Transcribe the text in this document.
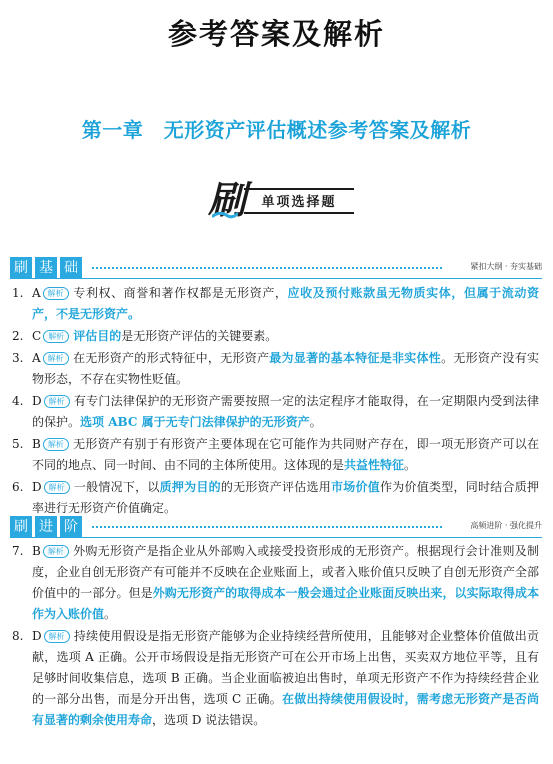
参考答案及解析
第一章　无形资产评估概述参考答案及解析
刷	单项选择题
刷 基 础	紧扣大纲 · 夯实基础
1. A 解析 专利权、商誉和著作权都是无形资产，应收及预付账款虽无物质实体，但属于流动资产，不是无形资产。
2. C 解析 评估目的是无形资产评估的关键要素。
3. A 解析 在无形资产的形式特征中，无形资产最为显著的基本特征是非实体性。无形资产没有实物形态，不存在实物性贬值。
4. D 解析 有专门法律保护的无形资产需要按照一定的法定程序才能取得，在一定期限内受到法律的保护。选项 ABC 属于无专门法律保护的无形资产。
5. B 解析 无形资产有别于有形资产主要体现在它可能作为共同财产存在，即一项无形资产可以在不同的地点、同一时间、由不同的主体所使用。这体现的是共益性特征。
6. D 解析 一般情况下，以质押为目的的无形资产评估选用市场价值作为价值类型，同时结合质押率进行无形资产价值确定。
刷 进 阶	高频进阶 · 强化提升
7. B 解析 外购无形资产是指企业从外部购入或接受投资形成的无形资产。根据现行会计准则及制度，企业自创无形资产有可能并不反映在企业账面上，或者入账价值只反映了自创无形资产全部价值中的一部分。但是外购无形资产的取得成本一般会通过企业账面反映出来，以实际取得成本作为入账价值。
8. D 解析 持续使用假设是指无形资产能够为企业持续经营所使用，且能够对企业整体价值做出贡献，选项 A 正确。公开市场假设是指无形资产可在公开市场上出售，买卖双方地位平等，且有足够时间收集信息，选项 B 正确。当企业面临被迫出售时，单项无形资产不作为持续经营企业的一部分出售，而是分开出售，选项 C 正确。在做出持续使用假设时，需考虑无形资产是否尚有显著的剩余使用寿命，选项 D 说法错误。
